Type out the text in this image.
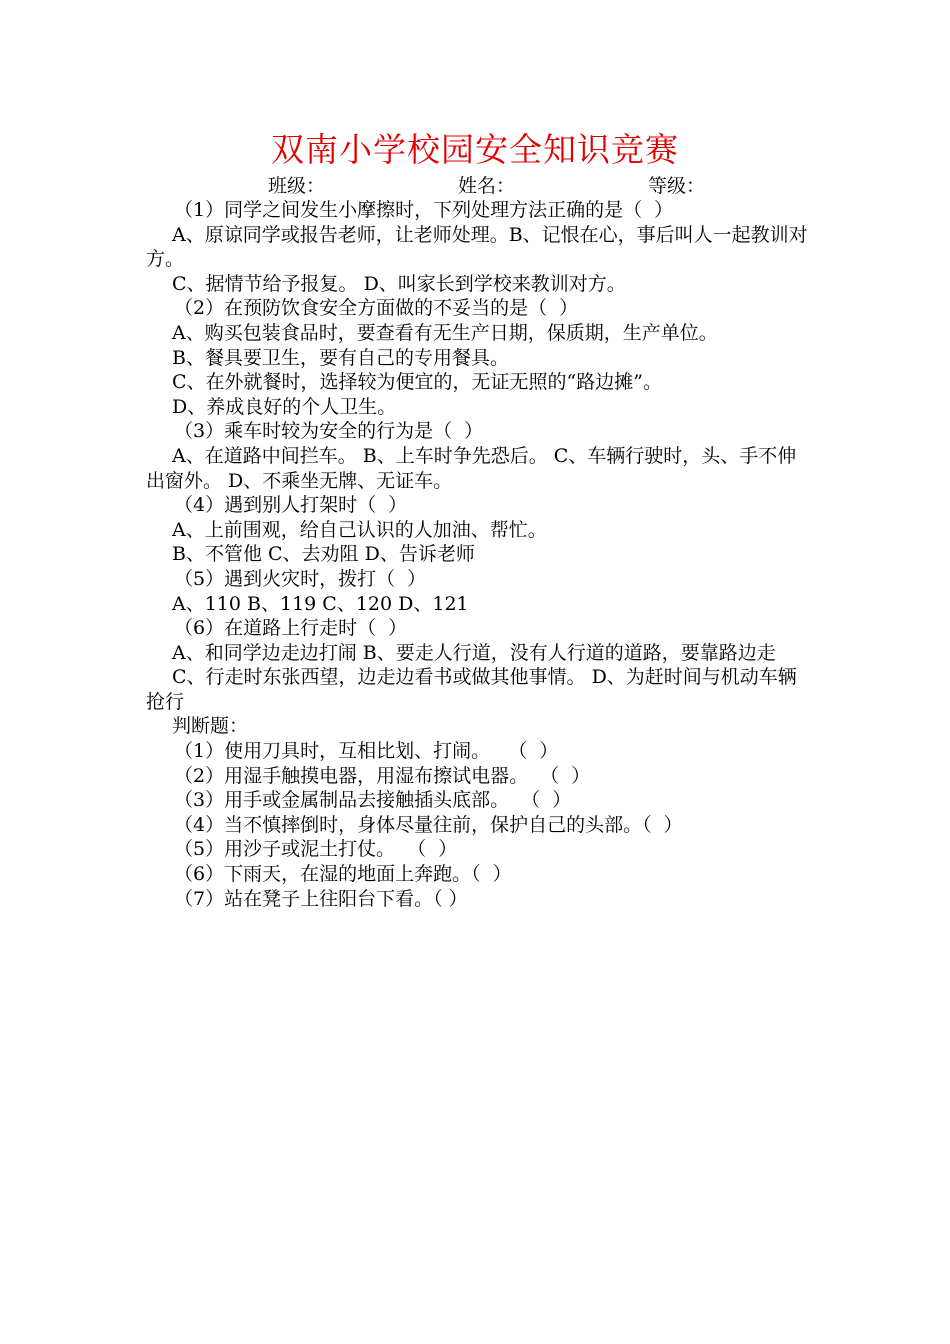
双南小学校园安全知识竞赛
班级：	姓名：	等级：
（1）同学之间发生小摩擦时，下列处理方法正确的是（  ）
A、原谅同学或报告老师，让老师处理。B、记恨在心，事后叫人一起教训对方。
C、据情节给予报复。 D、叫家长到学校来教训对方。
（2）在预防饮食安全方面做的不妥当的是（  ）
A、购买包装食品时，要查看有无生产日期，保质期，生产单位。
B、餐具要卫生，要有自己的专用餐具。
C、在外就餐时，选择较为便宜的，无证无照的“路边摊”。
D、养成良好的个人卫生。
（3）乘车时较为安全的行为是（  ）
A、在道路中间拦车。 B、上车时争先恐后。 C、车辆行驶时，头、手不伸出窗外。 D、不乘坐无牌、无证车。
（4）遇到别人打架时（  ）
A、上前围观，给自己认识的人加油、帮忙。
B、不管他 C、去劝阻 D、告诉老师
（5）遇到火灾时，拨打（  ）
A、110 B、119 C、120 D、121
（6）在道路上行走时（  ）
A、和同学边走边打闹 B、要走人行道，没有人行道的道路，要靠路边走
C、行走时东张西望，边走边看书或做其他事情。 D、为赶时间与机动车辆抢行
判断题：
（1）使用刀具时，互相比划、打闹。   （  ）
（2）用湿手触摸电器，用湿布擦试电器。  （  ）
（3）用手或金属制品去接触插头底部。  （  ）
（4）当不慎摔倒时，身体尽量往前，保护自己的头部。（  ）
（5）用沙子或泥土打仗。  （  ）
（6）下雨天，在湿的地面上奔跑。（  ）
（7）站在凳子上往阳台下看。（ ）
